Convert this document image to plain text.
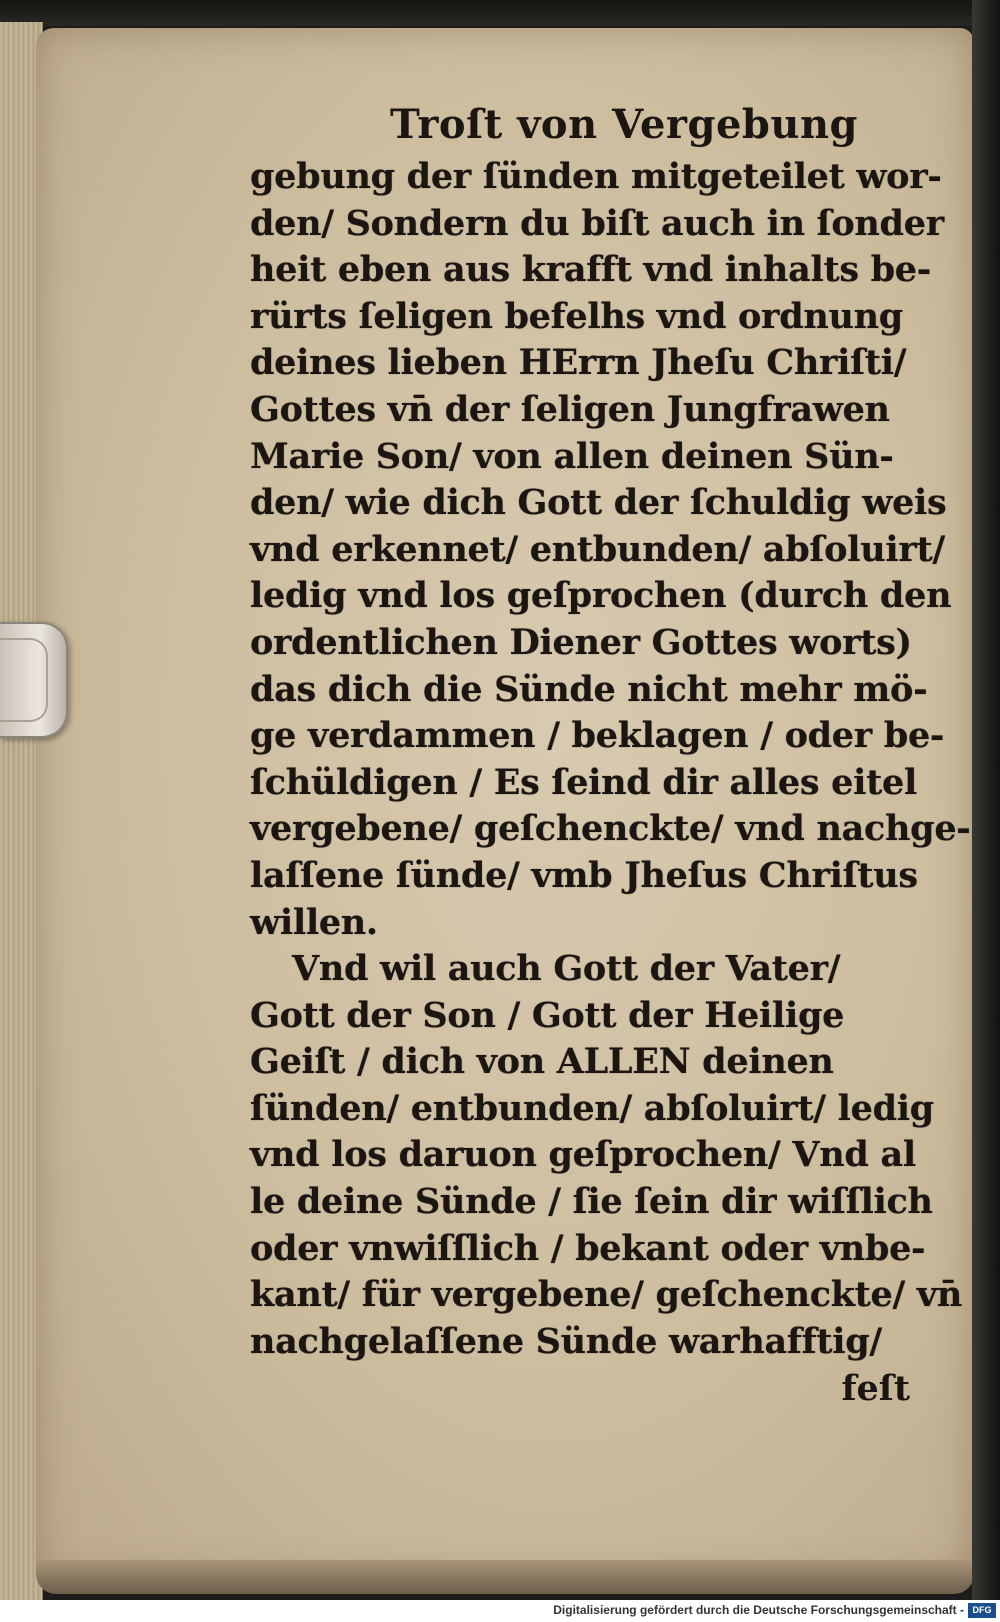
Troſt von Vergebung
gebung der ſünden mitgeteilet wor-
den/ Sondern du biſt auch in ſonder
heit eben aus krafft vnd inhalts be-
rürts ſeligen befelhs vnd ordnung
deines lieben HErrn Jheſu Chriſti/
Gottes vn̄ der ſeligen Jungfrawen
Marie Son/ von allen deinen Sün-
den/ wie dich Gott der ſchuldig weis
vnd erkennet/ entbunden/ abſoluirt/
ledig vnd los geſprochen (durch den
ordentlichen Diener Gottes worts)
das dich die Sünde nicht mehr mö-
ge verdammen / beklagen / oder be-
ſchüldigen / Es ſeind dir alles eitel
vergebene/ geſchenckte/ vnd nachge-
laſſene ſünde/ vmb Jheſus Chriſtus
willen.
Vnd wil auch Gott der Vater/
Gott der Son / Gott der Heilige
Geiſt / dich von ALLEN deinen
ſünden/ entbunden/ abſoluirt/ ledig
vnd los daruon geſprochen/ Vnd al
le deine Sünde / ſie ſein dir wiſſlich
oder vnwiſſlich / bekant oder vnbe-
kant/ für vergebene/ geſchenckte/ vn̄
nachgelaſſene Sünde warhafftig/
feſt
Digitalisierung gefördert durch die Deutsche Forschungsgemeinschaft - DFG
